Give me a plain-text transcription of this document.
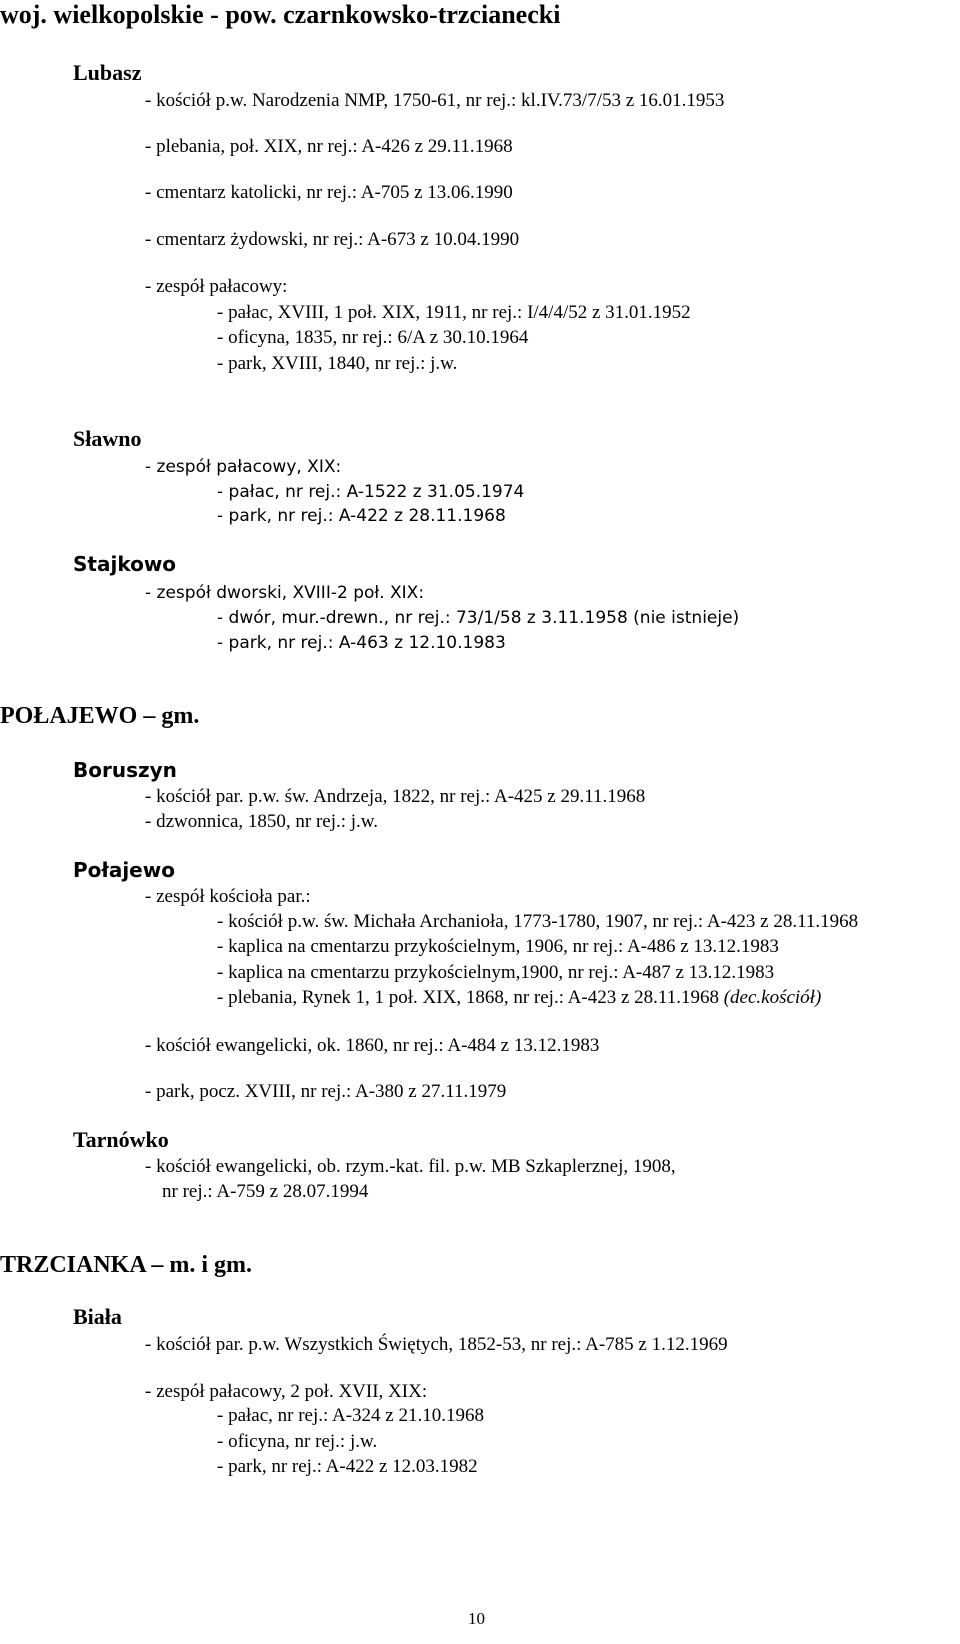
woj. wielkopolskie - pow. czarnkowsko-trzcianecki
Lubasz
- kościół p.w. Narodzenia NMP, 1750-61, nr rej.: kl.IV.73/7/53 z 16.01.1953
- plebania, poł. XIX, nr rej.: A-426 z 29.11.1968
- cmentarz katolicki, nr rej.: A-705 z 13.06.1990
- cmentarz żydowski, nr rej.: A-673 z 10.04.1990
- zespół pałacowy:
- pałac, XVIII, 1 poł. XIX, 1911, nr rej.: I/4/4/52 z 31.01.1952
- oficyna, 1835, nr rej.: 6/A z 30.10.1964
- park, XVIII, 1840, nr rej.: j.w.
Sławno
- zespół pałacowy, XIX:
- pałac, nr rej.: A-1522 z 31.05.1974
- park, nr rej.: A-422 z 28.11.1968
Stajkowo
- zespół dworski, XVIII-2 poł. XIX:
- dwór, mur.-drewn., nr rej.: 73/1/58 z 3.11.1958 (nie istnieje)
- park, nr rej.: A-463 z 12.10.1983
POŁAJEWO – gm.
Boruszyn
- kościół par. p.w. św. Andrzeja, 1822, nr rej.: A-425 z 29.11.1968
- dzwonnica, 1850, nr rej.: j.w.
Połajewo
- zespół kościoła par.:
- kościół p.w. św. Michała Archanioła, 1773-1780, 1907, nr rej.: A-423 z 28.11.1968
- kaplica na cmentarzu przykościelnym, 1906, nr rej.: A-486 z 13.12.1983
- kaplica na cmentarzu przykościelnym,1900, nr rej.: A-487 z 13.12.1983
- plebania, Rynek 1, 1 poł. XIX, 1868, nr rej.: A-423 z 28.11.1968 (dec.kościół)
- kościół ewangelicki, ok. 1860, nr rej.: A-484 z 13.12.1983
- park, pocz. XVIII, nr rej.: A-380 z 27.11.1979
Tarnówko
- kościół ewangelicki, ob. rzym.-kat. fil. p.w. MB Szkaplerznej, 1908,
nr rej.: A-759 z 28.07.1994
TRZCIANKA – m. i gm.
Biała
- kościół par. p.w. Wszystkich Świętych, 1852-53, nr rej.: A-785 z 1.12.1969
- zespół pałacowy, 2 poł. XVII, XIX:
- pałac, nr rej.: A-324 z 21.10.1968
- oficyna, nr rej.: j.w.
- park, nr rej.: A-422 z 12.03.1982
10
